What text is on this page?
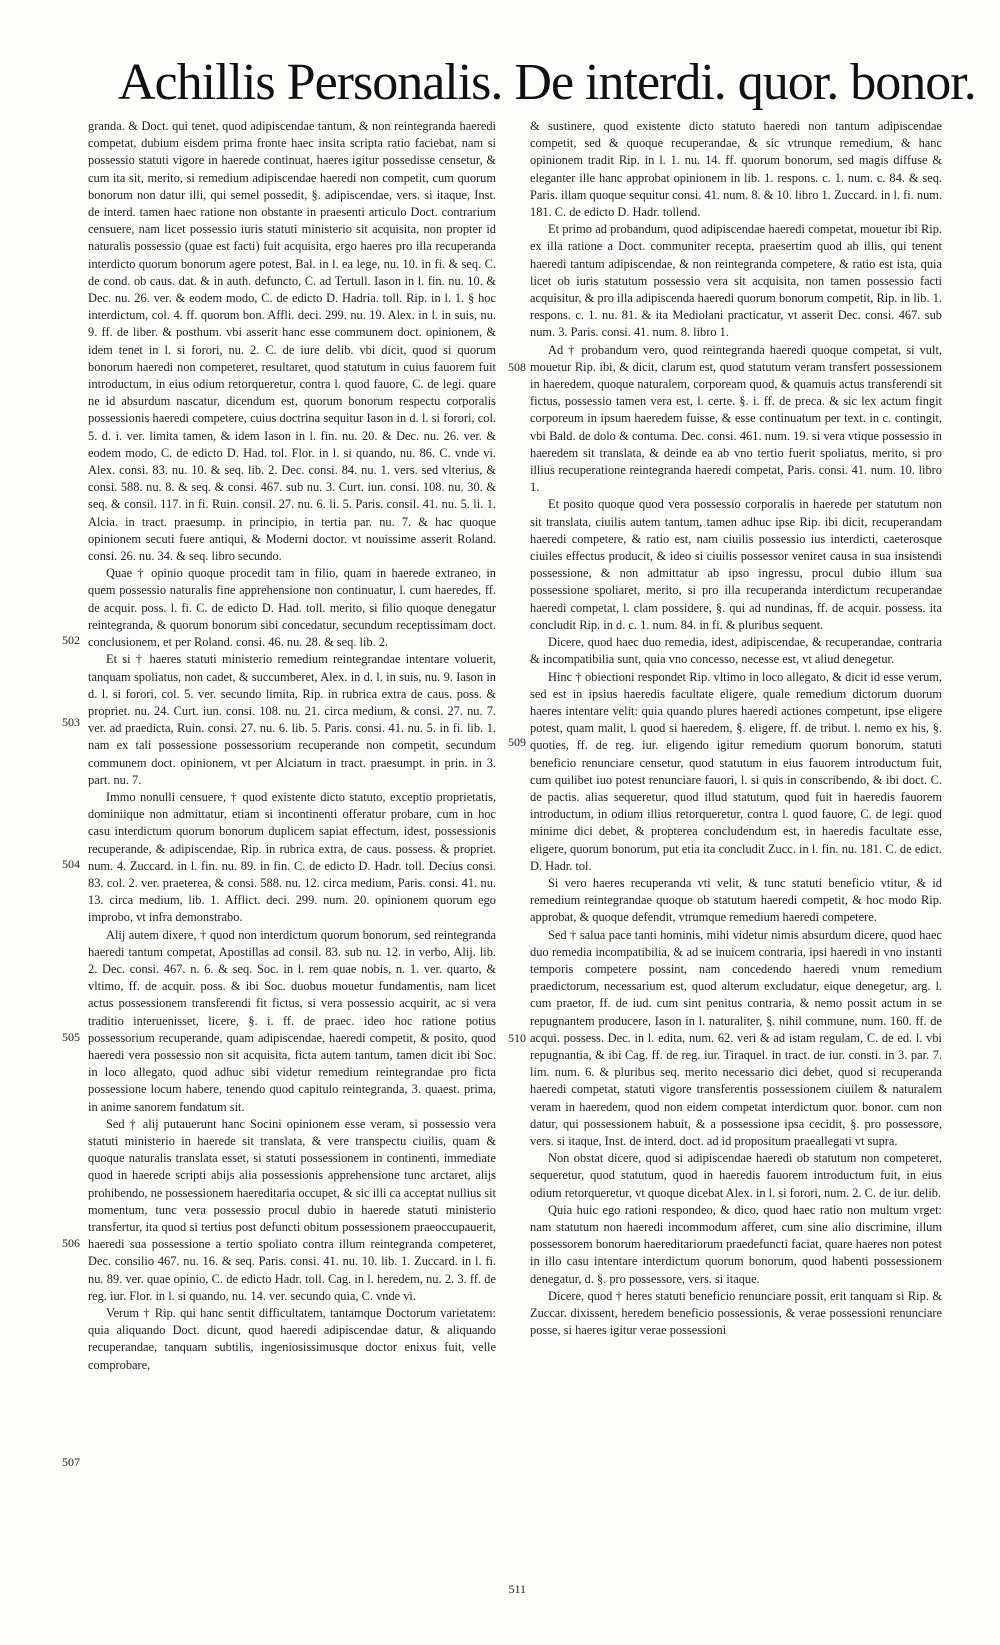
Achillis Personalis. De interdi. quor. bonor.

granda. & Doct. qui tenet, quod adipiscendae tantum, & non reintegranda haeredi competat, dubium eisdem prima fronte haec insita scripta ratio faciebat, nam si possessio statuti vigore in haerede continuat, haeres igitur possedisse censetur, & cum ita sit, merito, si remedium adipiscendae haeredi non competit, cum quorum bonorum non datur illi, qui semel possedit, §. adipiscendae, vers. si itaque, Inst. de interd. tamen haec ratione non obstante in praesenti articulo Doct. contrarium censuere, nam licet possessio iuris statuti ministerio sit acquisita, non propter id naturalis possessio (quae est facti) fuit acquisita, ergo haeres pro illa recuperanda interdicto quorum bonorum agere potest, Bal. in l. ea lege, nu. 10. in fi. & seq. C. de cond. ob caus. dat. & in auth. defuncto, C. ad Tertull. Iason in l. fin. nu. 10. & Dec. nu. 26. ver. & eodem modo, C. de edicto D. Hadria. toll. Rip. in l. 1. § hoc interdictum, col. 4. ff. quorum bon. Affli. deci. 299. nu. 19. Alex. in l. in suis, nu. 9. ff. de liber. & posthum. vbi asserit hanc esse communem doct. opinionem, & idem tenet in l. si forori, nu. 2. C. de iure delib. vbi dicit, quod si quorum bonorum haeredi non competeret, resultaret, quod statutum in cuius fauorem fuit introductum, in eius odium retorqueretur, contra l. quod fauore, C. de legi. quare ne id absurdum nascatur, dicendum est, quorum bonorum respectu corporalis possessionis haeredi competere, cuius doctrina sequitur Iason in d. l. si forori, col. 5. d. i. ver. limita tamen, & idem Iason in l. fin. nu. 20. & Dec. nu. 26. ver. & eodem modo, C. de edicto D. Had. tol. Flor. in l. si quando, nu. 86. C. vnde vi. Alex. consi. 83. nu. 10. & seq. lib. 2. Dec. consi. 84. nu. 1. vers. sed vlterius, & consi. 588. nu. 8. & seq. & consi. 467. sub nu. 3. Curt. iun. consi. 108. nu. 30. & seq. & consil. 117. in fi. Ruin. consil. 27. nu. 6. li. 5. Paris. consil. 41. nu. 5. li. 1. Alcia. in tract. praesump. in principio, in tertia par. nu. 7. & hac quoque opinionem secuti fuere antiqui, & Moderni doctor. vt nouissime asserit Roland. consi. 26. nu. 34. & seq. libro secundo.

Quae † opinio quoque procedit tam in filio, quam in haerede extraneo, in quem possessio naturalis fine apprehensione non continuatur, l. cum haeredes, ff. de acquir. poss. l. fi. C. de edicto D. Had. toll. merito, si filio quoque denegatur reintegranda, & quorum bonorum sibi concedatur, secundum receptissimam doct. conclusionem, et per Roland. consi. 46. nu. 28. & seq. lib. 2.

Et si † haeres statuti ministerio remedium reintegrandae intentare voluerit, tanquam spoliatus, non cadet, & succumberet, Alex. in d. l. in suis, nu. 9. Iason in d. l. si forori, col. 5. ver. secundo limita, Rip. in rubrica extra de caus. poss. & propriet. nu. 24. Curt. iun. consi. 108. nu. 21. circa medium, & consi. 27. nu. 7. ver. ad praedicta, Ruin. consi. 27. nu. 6. lib. 5. Paris. consi. 41. nu. 5. in fi. lib. 1. nam ex tali possessione possessorium recuperande non competit, secundum communem doct. opinionem, vt per Alciatum in tract. praesumpt. in prin. in 3. part. nu. 7.

Immo nonulli censuere, † quod existente dicto statuto, exceptio proprietatis, dominiique non admittatur, etiam si incontinenti offeratur probare, cum in hoc casu interdictum quorum bonorum duplicem sapiat effectum, idest, possessionis recuperande, & adipiscendae, Rip. in rubrica extra, de caus. possess. & propriet. num. 4. Zuccard. in l. fin. nu. 89. in fin. C. de edicto D. Hadr. toll. Decius consi. 83. col. 2. ver. praeterea, & consi. 588. nu. 12. circa medium, Paris. consi. 41. nu. 13. circa medium, lib. 1. Afflict. deci. 299. num. 20. opinionem quorum ego improbo, vt infra demonstrabo.

Alij autem dixere, † quod non interdictum quorum bonorum, sed reintegranda haeredi tantum competat, Apostillas ad consil. 83. sub nu. 12. in verbo, Alij. lib. 2. Dec. consi. 467. n. 6. & seq. Soc. in l. rem quae nobis, n. 1. ver. quarto, & vltimo, ff. de acquir. poss. & ibi Soc. duobus mouetur fundamentis, nam licet actus possessionem transferendi fit fictus, si vera possessio acquirit, ac si vera traditio interuenisset, licere, §. i. ff. de praec. ideo hoc ratione potius possessorium recuperande, quam adipiscendae, haeredi competit, & posito, quod haeredi vera possessio non sit acquisita, ficta autem tantum, tamen dicit ibi Soc. in loco allegato, quod adhuc sibi videtur remedium reintegrandae pro ficta possessione locum habere, tenendo quod capitulo reintegranda, 3. quaest. prima, in anime sanorem fundatum sit.

Sed † alij putauerunt hanc Socini opinionem esse veram, si possessio vera statuti ministerio in haerede sit translata, & vere transpectu ciuilis, quam & quoque naturalis translata esset, si statuti possessionem in continenti, immediate quod in haerede scripti abijs alia possessionis apprehensione tunc arctaret, alijs prohibendo, ne possessionem haereditaria occupet, & sic illi ca acceptat nullius sit momentum, tunc vera possessio procul dubio in haerede statuti ministerio transfertur, ita quod si tertius post defuncti obitum possessionem praeoccupauerit, haeredi sua possessione a tertio spoliato contra illum reintegranda competeret, Dec. consilio 467. nu. 16. & seq. Paris. consi. 41. nu. 10. lib. 1. Zuccard. in l. fi. nu. 89. ver. quae opinio, C. de edicto Hadr. toll. Cag. in l. heredem, nu. 2. 3. ff. de reg. iur. Flor. in l. si quando, nu. 14. ver. secundo quia, C. vnde vi.

Verum † Rip. qui hanc sentit difficultatem, tantamque Doctorum varietatem: quia aliquando Doct. dicunt, quod haeredi adipiscendae datur, & aliquando recuperandae, tanquam subtilis, ingeniosissimusque doctor enixus fuit, velle comprobare,

& sustinere, quod existente dicto statuto haeredi non tantum adipiscendae competit, sed & quoque recuperandae, & sic vtrunque remedium, & hanc opinionem tradit Rip. in l. 1. nu. 14. ff. quorum bonorum, sed magis diffuse & eleganter ille hanc approbat opinionem in lib. 1. respons. c. 1. num. c. 84. & seq. Paris. illam quoque sequitur consi. 41. num. 8. & 10. libro 1. Zuccard. in l. fi. num. 181. C. de edicto D. Hadr. tollend.

Et primo ad probandum, quod adipiscendae haeredi competat, mouetur ibi Rip. ex illa ratione a Doct. communiter recepta, praesertim quod ab illis, qui tenent haeredi tantum adipiscendae, & non reintegranda competere, & ratio est ista, quia licet ob iuris statutum possessio vera sit acquisita, non tamen possessio facti acquisitur, & pro illa adipiscenda haeredi quorum bonorum competit, Rip. in lib. 1. respons. c. 1. nu. 81. & ita Mediolani practicatur, vt asserit Dec. consi. 467. sub num. 3. Paris. consi. 41. num. 8. libro 1.

Ad † probandum vero, quod reintegranda haeredi quoque competat, si vult, mouetur Rip. ibi, & dicit, clarum est, quod statutum veram transfert possessionem in haeredem, quoque naturalem, corpoream quod, & quamuis actus transferendi sit fictus, possessio tamen vera est, l. certe. §. i. ff. de preca. & sic lex actum fingit corporeum in ipsum haeredem fuisse, & esse continuatum per text. in c. contingit, vbi Bald. de dolo & contuma. Dec. consi. 461. num. 19. si vera vtique possessio in haeredem sit translata, & deinde ea ab vno tertio fuerit spoliatus, merito, si pro illius recuperatione reintegranda haeredi competat, Paris. consi. 41. num. 10. libro 1.

Et posito quoque quod vera possessio corporalis in haerede per statutum non sit translata, ciuilis autem tantum, tamen adhuc ipse Rip. ibi dicit, recuperandam haeredi competere, & ratio est, nam ciuilis possessio ius interdicti, caeterosque ciuiles effectus producit, & ideo si ciuilis possessor veniret causa in sua insistendi possessione, & non admittatur ab ipso ingressu, procul dubio illum sua possessione spoliaret, merito, si pro illa recuperanda interdictum recuperandae haeredi competat, l. clam possidere, §. qui ad nundinas, ff. de acquir. possess. ita concludit Rip. in d. c. 1. num. 84. in fi. & pluribus sequent.

Dicere, quod haec duo remedia, idest, adipiscendae, & recuperandae, contraria & incompatibilia sunt, quia vno concesso, necesse est, vt aliud denegetur.

Hinc † obiectioni respondet Rip. vltimo in loco allegato, & dicit id esse verum, sed est in ipsius haeredis facultate eligere, quale remedium dictorum duorum haeres intentare velit: quia quando plures haeredi actiones competunt, ipse eligere potest, quam malit, l. quod si haeredem, §. eligere, ff. de tribut. l. nemo ex his, §. quoties, ff. de reg. iur. eligendo igitur remedium quorum bonorum, statuti beneficio renunciare censetur, quod statutum in eius fauorem introductum fuit, cum quilibet iuo potest renunciare fauori, l. si quis in conscribendo, & ibi doct. C. de pactis. alias sequeretur, quod illud statutum, quod fuit in haeredis fauorem introductum, in odium illius retorqueretur, contra l. quod fauore, C. de legi. quod minime dici debet, & propterea concludendum est, in haeredis facultate esse, eligere, quorum bonorum, put etia ita concludit Zucc. in l. fin. nu. 181. C. de edict. D. Hadr. tol.

Si vero haeres recuperanda vti velit, & tunc statuti beneficio vtitur, & id remedium reintegrandae quoque ob statutum haeredi competit, & hoc modo Rip. approbat, & quoque defendit, vtrumque remedium haeredi competere.

Sed † salua pace tanti hominis, mihi videtur nimis absurdum dicere, quod haec duo remedia incompatibilia, & ad se inuicem contraria, ipsi haeredi in vno instanti temporis competere possint, nam concedendo haeredi vnum remedium praedictorum, necessarium est, quod alterum excludatur, eique denegetur, arg. l. cum praetor, ff. de iud. cum sint penitus contraria, & nemo possit actum in se repugnantem producere, Iason in l. naturaliter, §. nihil commune, num. 160. ff. de acqui. possess. Dec. in l. edita, num. 62. veri & ad istam regulam, C. de ed. l. vbi repugnantia, & ibi Cag. ff. de reg. iur. Tiraquel. in tract. de iur. consti. in 3. par. 7. lim. num. 6. & pluribus seq. merito necessario dici debet, quod si recuperanda haeredi competat, statuti vigore transferentis possessionem ciuilem & naturalem veram in haeredem, quod non eidem competat interdictum quor. bonor. cum non datur, qui possessionem habuit, & a possessione ipsa cecidit, §. pro possessore, vers. si itaque, Inst. de interd. doct. ad id propositum praeallegati vt supra.

Non obstat dicere, quod si adipiscendae haeredi ob statutum non competeret, sequeretur, quod statutum, quod in haeredis fauorem introductum fuit, in eius odium retorqueretur, vt quoque dicebat Alex. in l. si forori, num. 2. C. de iur. delib.

Quia huic ego rationi respondeo, & dico, quod haec ratio non multum vrget: nam statutum non haeredi incommodum afferet, cum sine alio discrimine, illum possessorem bonorum haereditariorum praedefuncti faciat, quare haeres non potest in illo casu intentare interdictum quorum bonorum, quod habenti possessionem denegatur, d. §. pro possessore, vers. si itaque.

Dicere, quod † heres statuti beneficio renunciare possit, erit tanquam si Rip. & Zuccar. dixissent, heredem beneficio possessionis, & verae possessioni renunciare posse, si haeres igitur verae possessioni

502
503
504
505
506
507
508
509
510
511
